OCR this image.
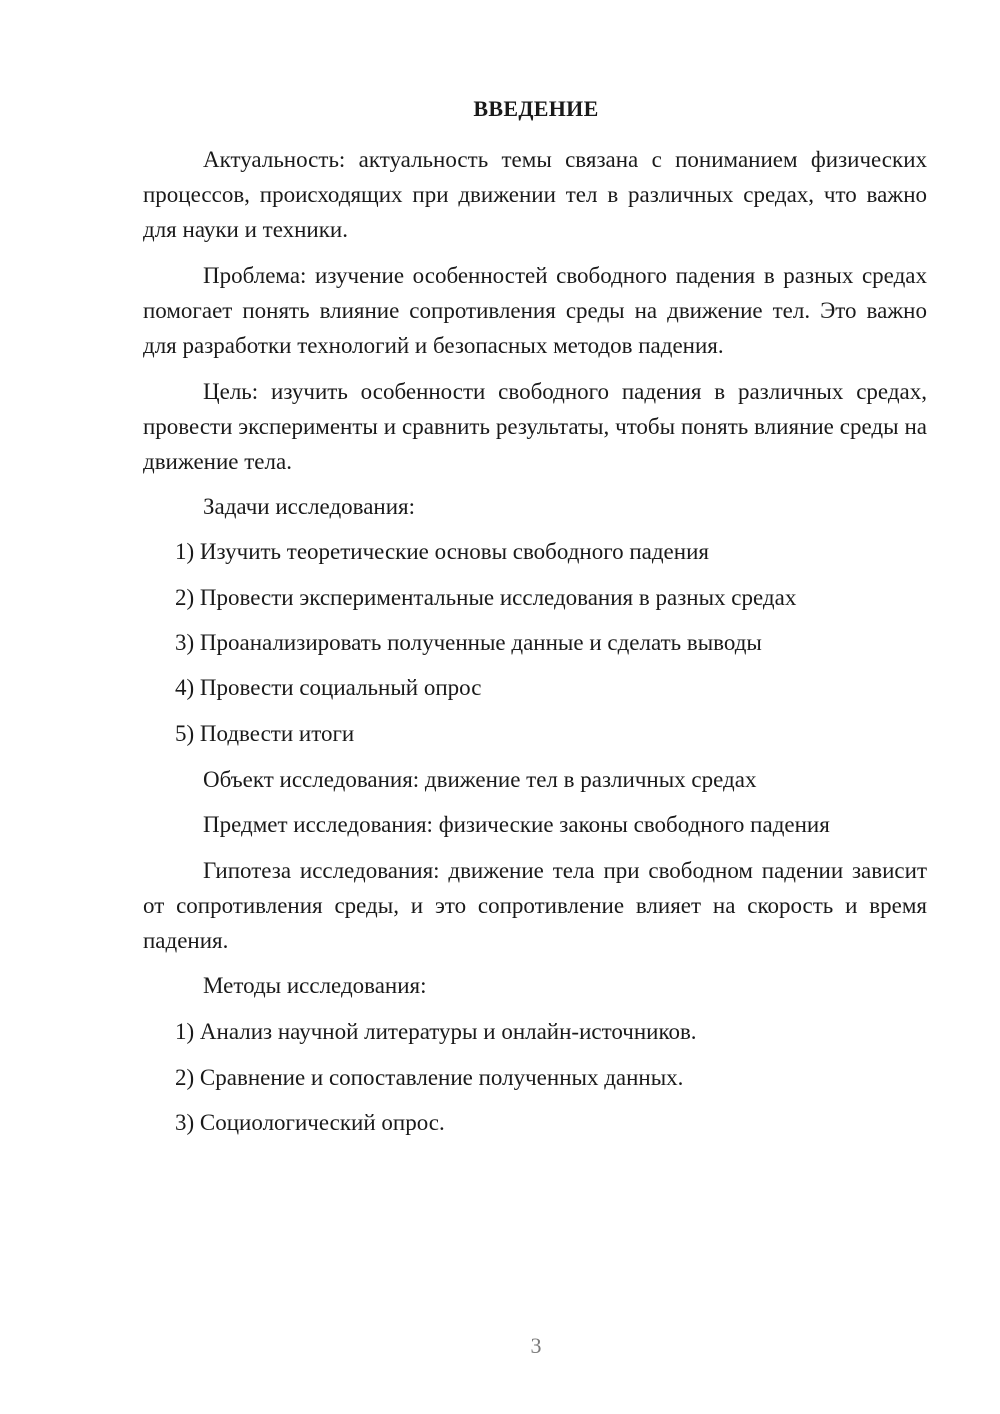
ВВЕДЕНИЕ

Актуальность: актуальность темы связана с пониманием физических процессов, происходящих при движении тел в различных средах, что важно для науки и техники.

Проблема: изучение особенностей свободного падения в разных средах помогает понять влияние сопротивления среды на движение тел. Это важно для разработки технологий и безопасных методов падения.

Цель: изучить особенности свободного падения в различных средах, провести эксперименты и сравнить результаты, чтобы понять влияние среды на движение тела.

Задачи исследования:
1) Изучить теоретические основы свободного падения
2) Провести экспериментальные исследования в разных средах
3) Проанализировать полученные данные и сделать выводы
4) Провести социальный опрос
5) Подвести итоги
Объект исследования: движение тел в различных средах
Предмет исследования: физические законы свободного падения

Гипотеза исследования: движение тела при свободном падении зависит от сопротивления среды, и это сопротивление влияет на скорость и время падения.

Методы исследования:
1) Анализ научной литературы и онлайн-источников.
2) Сравнение и сопоставление полученных данных.
3) Социологический опрос.
3
